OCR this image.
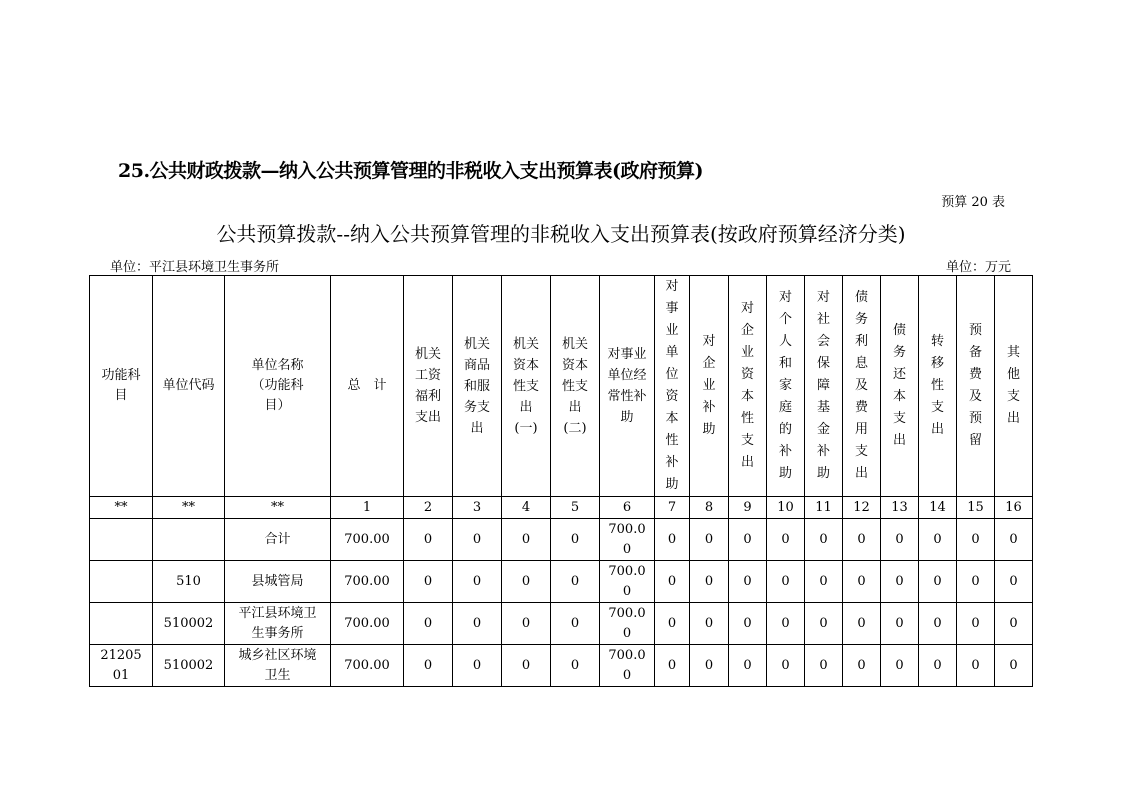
25.公共财政拨款—纳入公共预算管理的非税收入支出预算表(政府预算)
预算 20 表
公共预算拨款--纳入公共预算管理的非税收入支出预算表(按政府预算经济分类)
单位：平江县环境卫生事务所	单位：万元
功能科目	单位代码	单位名称（功能科目）	总　计	机关工资福利支出	机关商品和服务支出	机关资本性支出(一)	机关资本性支出(二)	对事业单位经常性补助	对事业单位资本性补助	对企业补助	对企业资本性支出	对个人和家庭的补助	对社会保障基金补助	债务利息及费用支出	债务还本支出	转移性支出	预备费及预留	其他支出
**	**	**	1	2	3	4	5	6	7	8	9	10	11	12	13	14	15	16
		合计	700.00	0	0	0	0	700.00	0	0	0	0	0	0	0	0	0	0
	510	县城管局	700.00	0	0	0	0	700.00	0	0	0	0	0	0	0	0	0	0
	510002	平江县环境卫生事务所	700.00	0	0	0	0	700.00	0	0	0	0	0	0	0	0	0	0
2120501	510002	城乡社区环境卫生	700.00	0	0	0	0	700.00	0	0	0	0	0	0	0	0	0	0
